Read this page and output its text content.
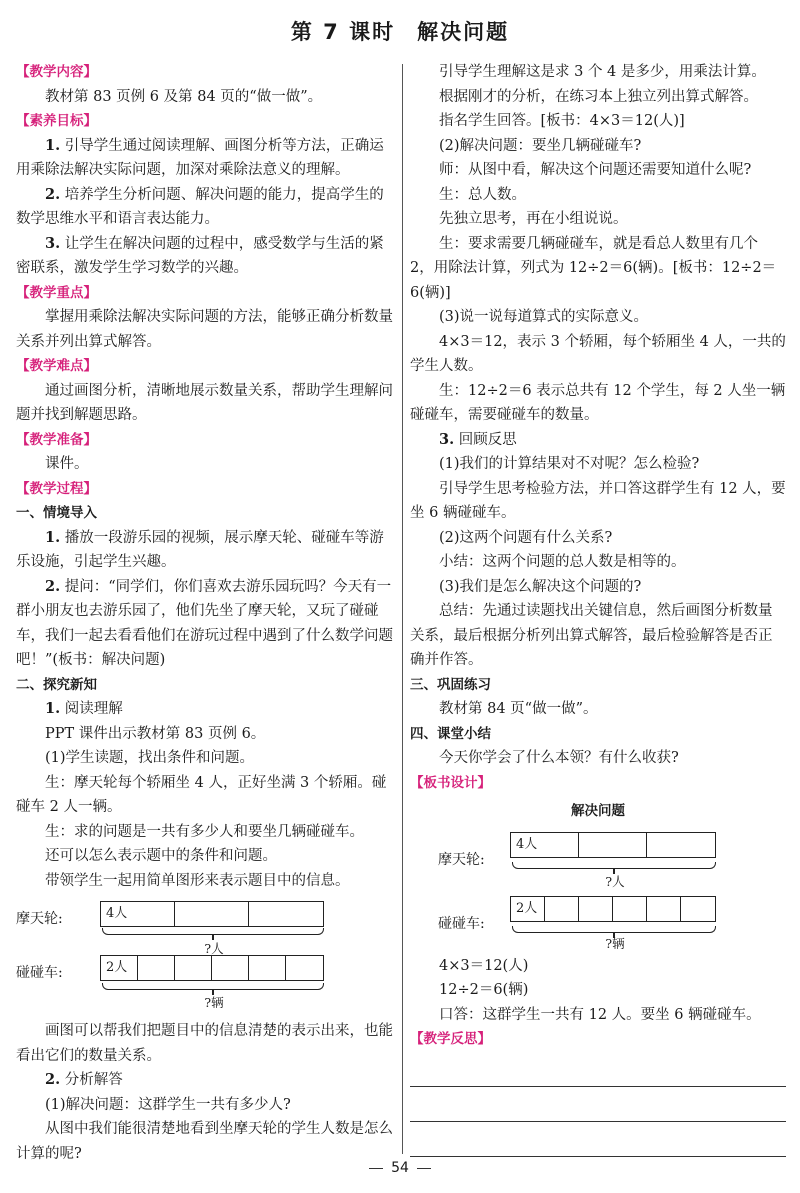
第 7 课时 解决问题

【教学内容】

教材第 83 页例 6 及第 84 页的“做一做”。

【素养目标】

1. 引导学生通过阅读理解、画图分析等方法，正确运用乘除法解决实际问题，加深对乘除法意义的理解。

2. 培养学生分析问题、解决问题的能力，提高学生的数学思维水平和语言表达能力。

3. 让学生在解决问题的过程中，感受数学与生活的紧密联系，激发学生学习数学的兴趣。

【教学重点】

掌握用乘除法解决实际问题的方法，能够正确分析数量关系并列出算式解答。

【教学难点】

通过画图分析，清晰地展示数量关系，帮助学生理解问题并找到解题思路。

【教学准备】

课件。

【教学过程】

一、情境导入

1. 播放一段游乐园的视频，展示摩天轮、碰碰车等游乐设施，引起学生兴趣。

2. 提问：“同学们，你们喜欢去游乐园玩吗？今天有一群小朋友也去游乐园了，他们先坐了摩天轮，又玩了碰碰车，我们一起去看看他们在游玩过程中遇到了什么数学问题吧！”(板书：解决问题)

二、探究新知

1. 阅读理解

PPT 课件出示教材第 83 页例 6。

(1)学生读题，找出条件和问题。

生：摩天轮每个轿厢坐 4 人，正好坐满 3 个轿厢。碰碰车 2 人一辆。

生：求的问题是一共有多少人和要坐几辆碰碰车。

还可以怎么表示题中的条件和问题。

带领学生一起用简单图形来表示题目中的信息。

摩天轮:	4人
?人
碰碰车:	2人
?辆

画图可以帮我们把题目中的信息清楚的表示出来，也能看出它们的数量关系。

2. 分析解答

(1)解决问题：这群学生一共有多少人?

从图中我们能很清楚地看到坐摩天轮的学生人数是怎么计算的呢?

引导学生理解这是求 3 个 4 是多少，用乘法计算。

根据刚才的分析，在练习本上独立列出算式解答。

指名学生回答。[板书：4×3＝12(人)]

(2)解决问题：要坐几辆碰碰车?

师：从图中看，解决这个问题还需要知道什么呢?

生：总人数。

先独立思考，再在小组说说。

生：要求需要几辆碰碰车，就是看总人数里有几个 2，用除法计算，列式为 12÷2＝6(辆)。[板书：12÷2＝6(辆)]

(3)说一说每道算式的实际意义。

4×3＝12，表示 3 个轿厢，每个轿厢坐 4 人，一共的学生人数。

生：12÷2＝6 表示总共有 12 个学生，每 2 人坐一辆碰碰车，需要碰碰车的数量。

3. 回顾反思

(1)我们的计算结果对不对呢？怎么检验?

引导学生思考检验方法，并口答这群学生有 12 人，要坐 6 辆碰碰车。

(2)这两个问题有什么关系?

小结：这两个问题的总人数是相等的。

(3)我们是怎么解决这个问题的?

总结：先通过读题找出关键信息，然后画图分析数量关系，最后根据分析列出算式解答，最后检验解答是否正确并作答。

三、巩固练习

教材第 84 页“做一做”。

四、课堂小结

今天你学会了什么本领？有什么收获?

【板书设计】

解决问题

摩天轮:
4人
?人
碰碰车:
2人
?辆

4×3＝12(人)

12÷2＝6(辆)

口答：这群学生一共有 12 人。要坐 6 辆碰碰车。

【教学反思】

54
